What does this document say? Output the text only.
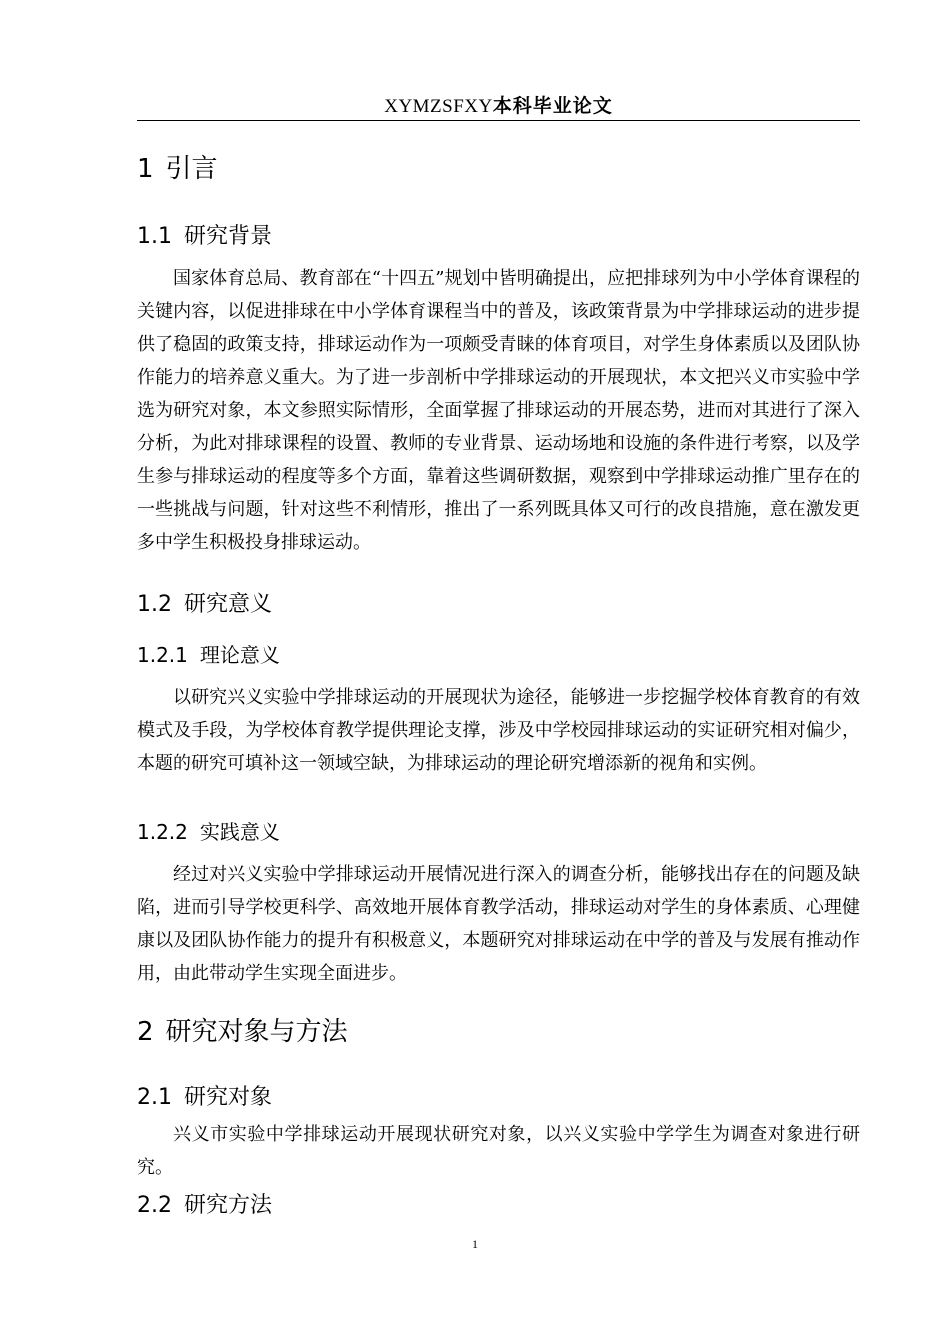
XYMZSFXY本科毕业论文
1 引言
1.1 研究背景

国家体育总局、教育部在“十四五”规划中皆明确提出，应把排球列为中小学体育课程的关键内容，以促进排球在中小学体育课程当中的普及，该政策背景为中学排球运动的进步提供了稳固的政策支持，排球运动作为一项颇受青睐的体育项目，对学生身体素质以及团队协作能力的培养意义重大。为了进一步剖析中学排球运动的开展现状，本文把兴义市实验中学选为研究对象，本文参照实际情形，全面掌握了排球运动的开展态势，进而对其进行了深入分析，为此对排球课程的设置、教师的专业背景、运动场地和设施的条件进行考察，以及学生参与排球运动的程度等多个方面，靠着这些调研数据，观察到中学排球运动推广里存在的一些挑战与问题，针对这些不利情形，推出了一系列既具体又可行的改良措施，意在激发更多中学生积极投身排球运动。

1.2 研究意义
1.2.1 理论意义

以研究兴义实验中学排球运动的开展现状为途径，能够进一步挖掘学校体育教育的有效模式及手段，为学校体育教学提供理论支撑，涉及中学校园排球运动的实证研究相对偏少，本题的研究可填补这一领域空缺，为排球运动的理论研究增添新的视角和实例。

1.2.2 实践意义

经过对兴义实验中学排球运动开展情况进行深入的调查分析，能够找出存在的问题及缺陷，进而引导学校更科学、高效地开展体育教学活动，排球运动对学生的身体素质、心理健康以及团队协作能力的提升有积极意义，本题研究对排球运动在中学的普及与发展有推动作用，由此带动学生实现全面进步。

2 研究对象与方法
2.1 研究对象

兴义市实验中学排球运动开展现状研究对象，以兴义实验中学学生为调查对象进行研究。

2.2 研究方法
1
